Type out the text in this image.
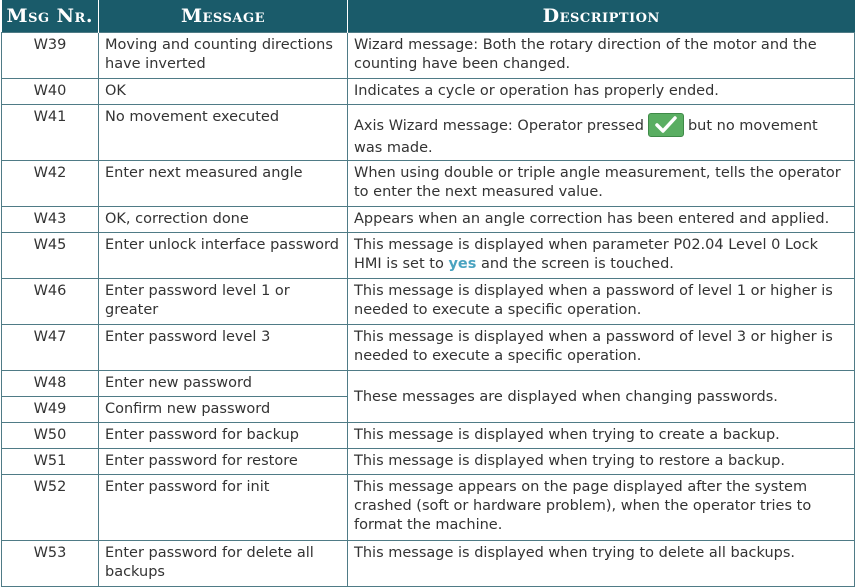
Msg Nr.	Message	Description
W39	Moving and counting directions have inverted	Wizard message: Both the rotary direction of the motor and the counting have been changed.
W40	OK	Indicates a cycle or operation has properly ended.
W41	No movement executed	Axis Wizard message: Operator pressed but no movement was made.
W42	Enter next measured angle	When using double or triple angle measurement, tells the operator to enter the next measured value.
W43	OK, correction done	Appears when an angle correction has been entered and applied.
W45	Enter unlock interface password	This message is displayed when parameter P02.04 Level 0 Lock HMI is set to yes and the screen is touched.
W46	Enter password level 1 or greater	This message is displayed when a password of level 1 or higher is needed to execute a specific operation.
W47	Enter password level 3	This message is displayed when a password of level 3 or higher is needed to execute a specific operation.
W48	Enter new password	These messages are displayed when changing passwords.
W49	Confirm new password	
W50	Enter password for backup	This message is displayed when trying to create a backup.
W51	Enter password for restore	This message is displayed when trying to restore a backup.
W52	Enter password for init	This message appears on the page displayed after the system crashed (soft or hardware problem), when the operator tries to format the machine.
W53	Enter password for delete all backups	This message is displayed when trying to delete all backups.
